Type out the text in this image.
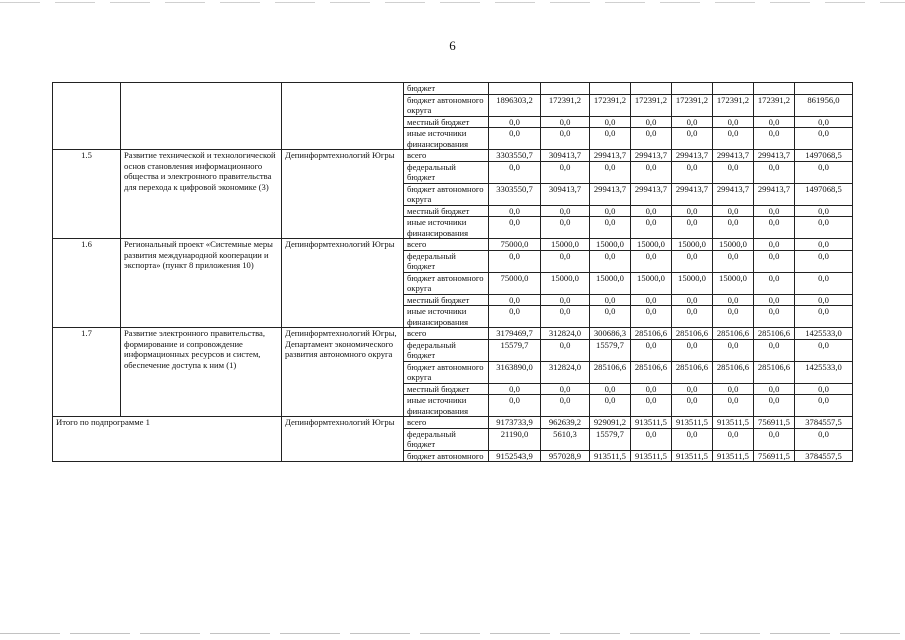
6
			бюджет								
			бюджет автономного округа	1896303,2	172391,2	172391,2	172391,2	172391,2	172391,2	172391,2	861956,0
			местный бюджет	0,0	0,0	0,0	0,0	0,0	0,0	0,0	0,0
			иные источники финансирования	0,0	0,0	0,0	0,0	0,0	0,0	0,0	0,0
1.5	Развитие технической и технологической основ становления информационного общества и электронного правительства для перехода к цифровой экономике (3)	Депинформтехнологий Югры	всего	3303550,7	309413,7	299413,7	299413,7	299413,7	299413,7	299413,7	1497068,5
			федеральный бюджет	0,0	0,0	0,0	0,0	0,0	0,0	0,0	0,0
			бюджет автономного округа	3303550,7	309413,7	299413,7	299413,7	299413,7	299413,7	299413,7	1497068,5
			местный бюджет	0,0	0,0	0,0	0,0	0,0	0,0	0,0	0,0
			иные источники финансирования	0,0	0,0	0,0	0,0	0,0	0,0	0,0	0,0
1.6	Региональный проект «Системные меры развития международной кооперации и экспорта» (пункт 8 приложения 10)	Депинформтехнологий Югры	всего	75000,0	15000,0	15000,0	15000,0	15000,0	15000,0	0,0	0,0
			федеральный бюджет	0,0	0,0	0,0	0,0	0,0	0,0	0,0	0,0
			бюджет автономного округа	75000,0	15000,0	15000,0	15000,0	15000,0	15000,0	0,0	0,0
			местный бюджет	0,0	0,0	0,0	0,0	0,0	0,0	0,0	0,0
			иные источники финансирования	0,0	0,0	0,0	0,0	0,0	0,0	0,0	0,0
1.7	Развитие электронного правительства, формирование и сопровождение информационных ресурсов и систем, обеспечение доступа к ним (1)	Депинформтехнологий Югры, Департамент экономического развития автономного округа	всего	3179469,7	312824,0	300686,3	285106,6	285106,6	285106,6	285106,6	1425533,0
			федеральный бюджет	15579,7	0,0	15579,7	0,0	0,0	0,0	0,0	0,0
			бюджет автономного округа	3163890,0	312824,0	285106,6	285106,6	285106,6	285106,6	285106,6	1425533,0
			местный бюджет	0,0	0,0	0,0	0,0	0,0	0,0	0,0	0,0
			иные источники финансирования	0,0	0,0	0,0	0,0	0,0	0,0	0,0	0,0
Итого по подпрограмме 1		Депинформтехнологий Югры	всего	9173733,9	962639,2	929091,2	913511,5	913511,5	913511,5	756911,5	3784557,5
			федеральный бюджет	21190,0	5610,3	15579,7	0,0	0,0	0,0	0,0	0,0
			бюджет автономного	9152543,9	957028,9	913511,5	913511,5	913511,5	913511,5	756911,5	3784557,5
